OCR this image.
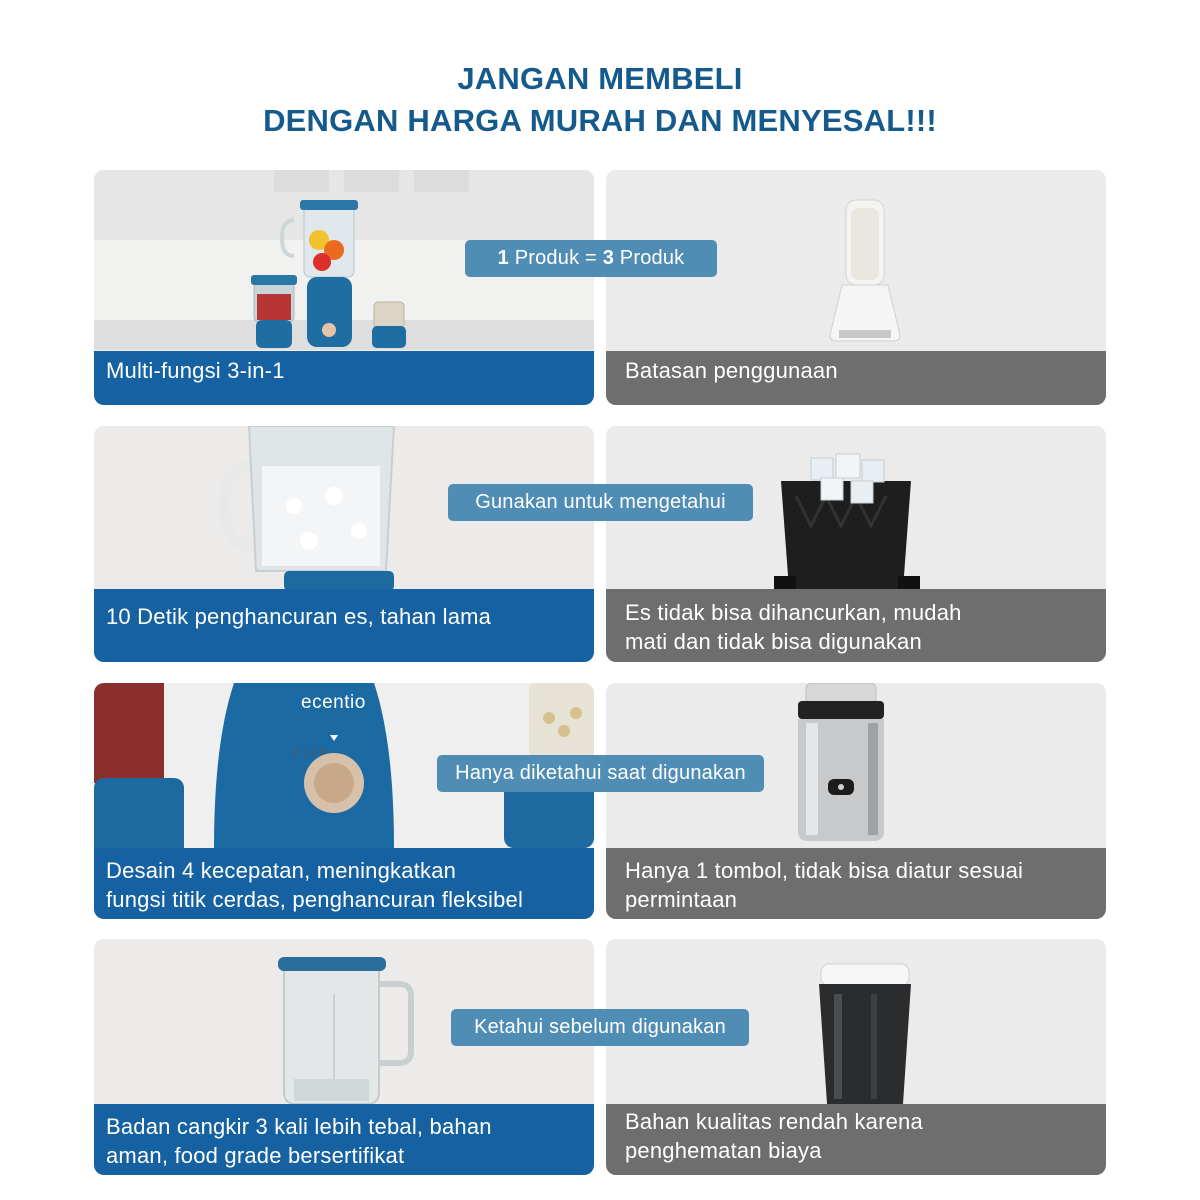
JANGAN MEMBELI
DENGAN HARGA MURAH DAN MENYESAL!!!
Multi-fungsi 3-in-1	Batasan penggunaan
1 Produk = 3 Produk
10 Detik penghancuran es, tahan lama	Es tidak bisa dihancurkan, mudah
mati dan tidak bisa digunakan
Gunakan untuk mengetahui
ecentio
2 1 0 P
Desain 4 kecepatan, meningkatkan
fungsi titik cerdas, penghancuran fleksibel
Hanya 1 tombol, tidak bisa diatur sesuai
permintaan
Hanya diketahui saat digunakan
Badan cangkir 3 kali lebih tebal, bahan
aman, food grade bersertifikat
Bahan kualitas rendah karena
penghematan biaya
Ketahui sebelum digunakan
